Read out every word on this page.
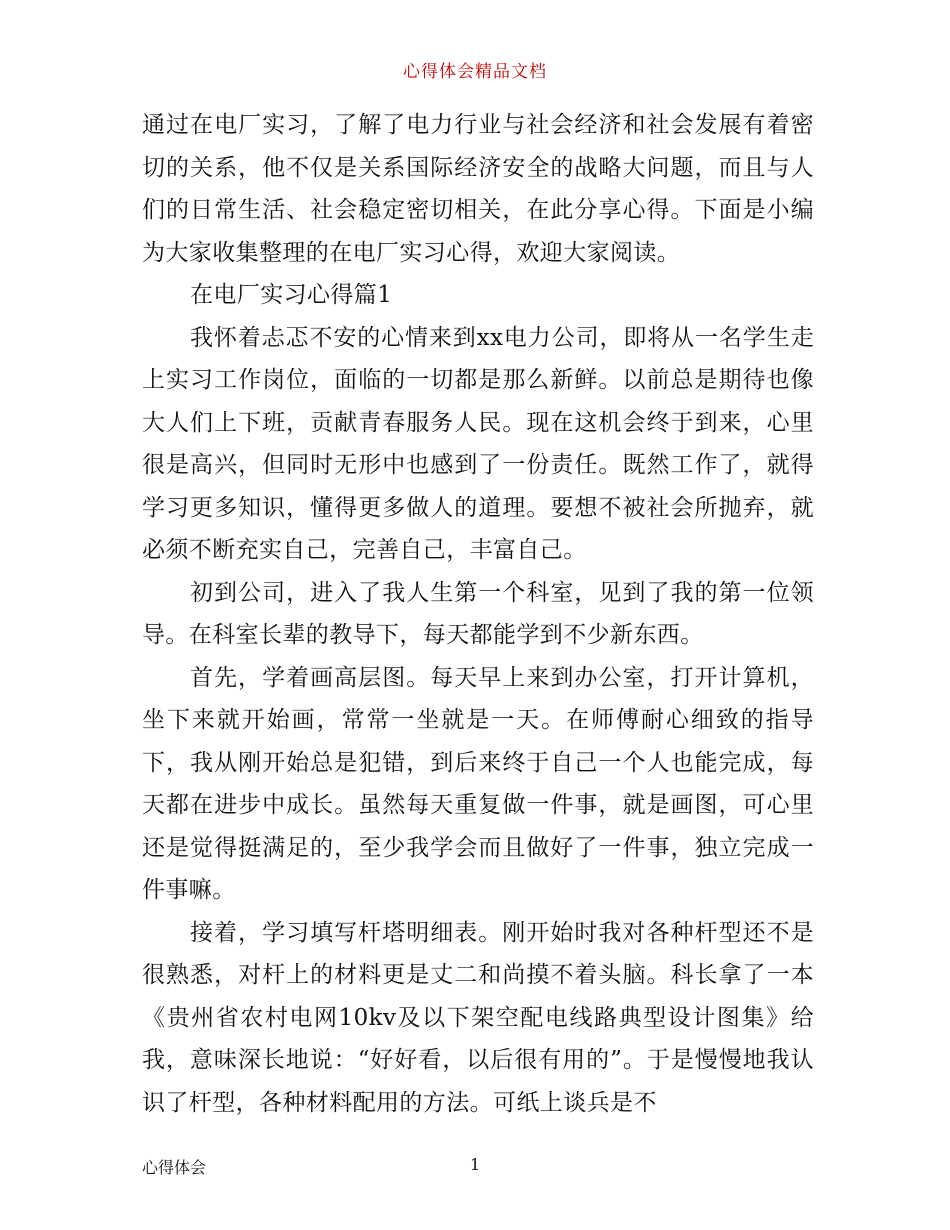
心得体会精品文档

通过在电厂实习，了解了电力行业与社会经济和社会发展有着密切的关系，他不仅是关系国际经济安全的战略大问题，而且与人们的日常生活、社会稳定密切相关，在此分享心得。下面是小编为大家收集整理的在电厂实习心得，欢迎大家阅读。

在电厂实习心得篇1

我怀着忐忑不安的心情来到xx电力公司，即将从一名学生走上实习工作岗位，面临的一切都是那么新鲜。以前总是期待也像大人们上下班，贡献青春服务人民。现在这机会终于到来，心里很是高兴，但同时无形中也感到了一份责任。既然工作了，就得学习更多知识，懂得更多做人的道理。要想不被社会所抛弃，就必须不断充实自己，完善自己，丰富自己。

初到公司，进入了我人生第一个科室，见到了我的第一位领导。在科室长辈的教导下，每天都能学到不少新东西。

首先，学着画高层图。每天早上来到办公室，打开计算机，坐下来就开始画，常常一坐就是一天。在师傅耐心细致的指导下，我从刚开始总是犯错，到后来终于自己一个人也能完成，每天都在进步中成长。虽然每天重复做一件事，就是画图，可心里还是觉得挺满足的，至少我学会而且做好了一件事，独立完成一件事嘛。

接着，学习填写杆塔明细表。刚开始时我对各种杆型还不是很熟悉，对杆上的材料更是丈二和尚摸不着头脑。科长拿了一本《贵州省农村电网10kv及以下架空配电线路典型设计图集》给我，意味深长地说：“好好看，以后很有用的”。于是慢慢地我认识了杆型，各种材料配用的方法。可纸上谈兵是不

心得体会	1
